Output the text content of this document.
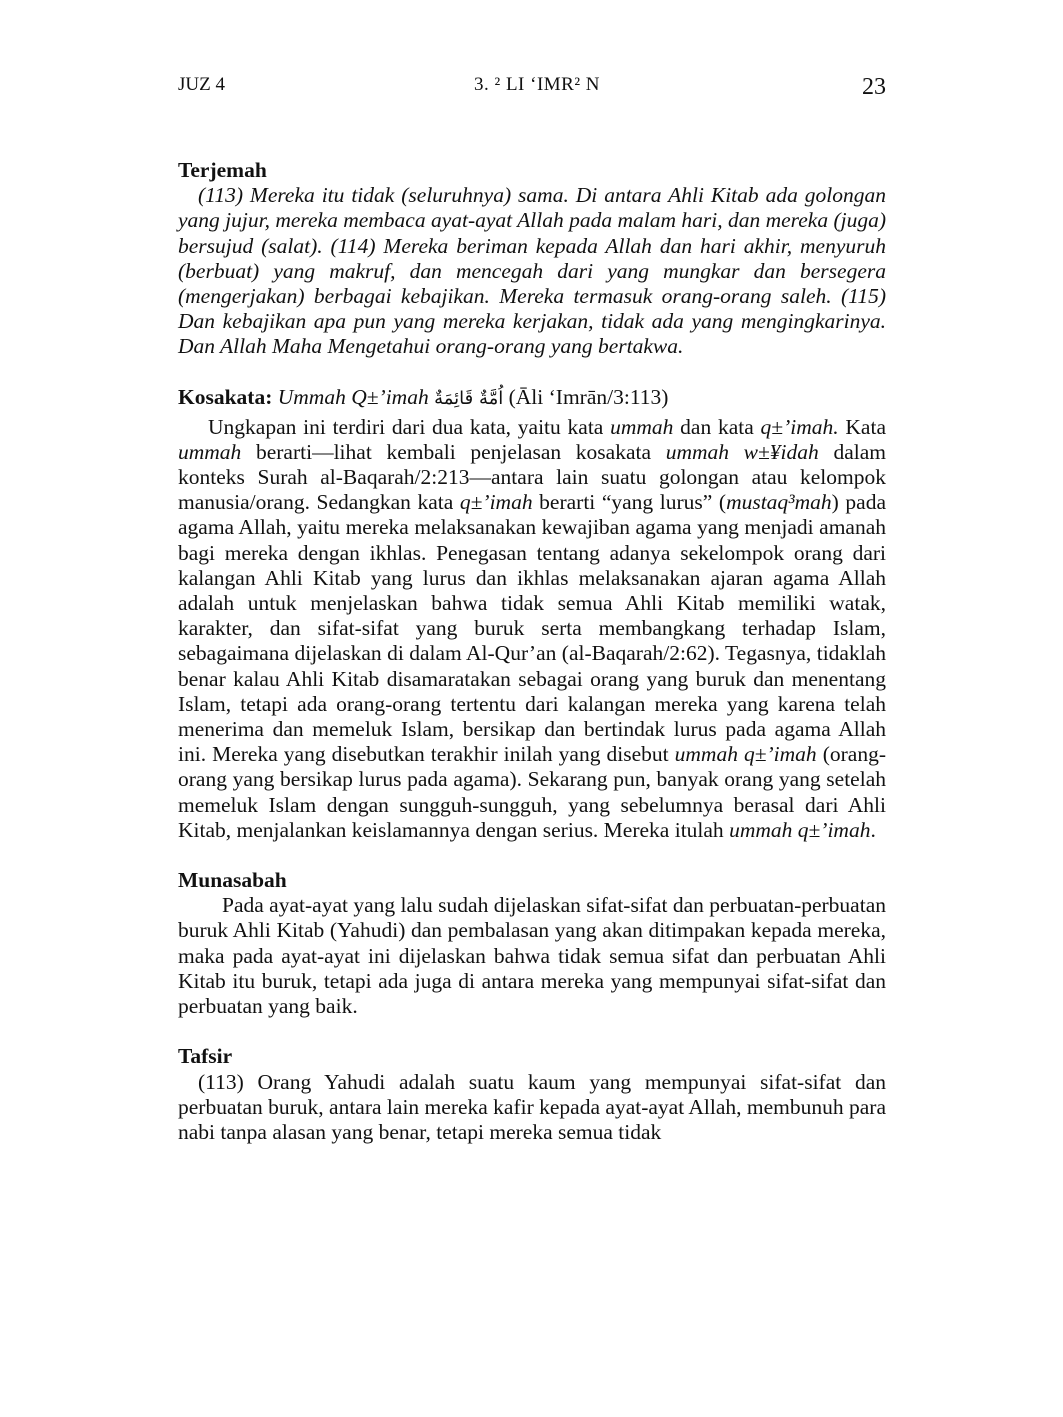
JUZ 4	3. ² LI ‘IMR² N	23
Terjemah

(113) Mereka itu tidak (seluruhnya) sama. Di antara Ahli Kitab ada golongan yang jujur, mereka membaca ayat-ayat Allah pada malam hari, dan mereka (juga) bersujud (salat). (114) Mereka beriman kepada Allah dan hari akhir, menyuruh (berbuat) yang makruf, dan mencegah dari yang mungkar dan bersegera (mengerjakan) berbagai kebajikan. Mereka termasuk orang-orang saleh. (115) Dan kebajikan apa pun yang mereka kerjakan, tidak ada yang mengingkarinya. Dan Allah Maha Mengetahui orang-orang yang bertakwa.

Kosakata: Ummah Q±’imah اُمَّةٌ قَائِمَةٌ (Āli ‘Imrān/3:113)

Ungkapan ini terdiri dari dua kata, yaitu kata ummah dan kata q±’imah. Kata ummah berarti—lihat kembali penjelasan kosakata ummah w±¥idah dalam konteks Surah al-Baqarah/2:213—antara lain suatu golongan atau kelompok manusia/orang. Sedangkan kata q±’imah berarti “yang lurus” (mustaq³mah) pada agama Allah, yaitu mereka melaksanakan kewajiban agama yang menjadi amanah bagi mereka dengan ikhlas. Penegasan tentang adanya sekelompok orang dari kalangan Ahli Kitab yang lurus dan ikhlas melaksanakan ajaran agama Allah adalah untuk menjelaskan bahwa tidak semua Ahli Kitab memiliki watak, karakter, dan sifat-sifat yang buruk serta membangkang terhadap Islam, sebagaimana dijelaskan di dalam Al-Qur’an (al-Baqarah/2:62). Tegasnya, tidaklah benar kalau Ahli Kitab disamaratakan sebagai orang yang buruk dan menentang Islam, tetapi ada orang-orang tertentu dari kalangan mereka yang karena telah menerima dan memeluk Islam, bersikap dan bertindak lurus pada agama Allah ini. Mereka yang disebutkan terakhir inilah yang disebut ummah q±’imah (orang-orang yang bersikap lurus pada agama). Sekarang pun, banyak orang yang setelah memeluk Islam dengan sungguh-sungguh, yang sebelumnya berasal dari Ahli Kitab, menjalankan keislamannya dengan serius. Mereka itulah ummah q±’imah.

Munasabah

Pada ayat-ayat yang lalu sudah dijelaskan sifat-sifat dan perbuatan-perbuatan buruk Ahli Kitab (Yahudi) dan pembalasan yang akan ditimpakan kepada mereka, maka pada ayat-ayat ini dijelaskan bahwa tidak semua sifat dan perbuatan Ahli Kitab itu buruk, tetapi ada juga di antara mereka yang mempunyai sifat-sifat dan perbuatan yang baik.

Tafsir

(113) Orang Yahudi adalah suatu kaum yang mempunyai sifat-sifat dan perbuatan buruk, antara lain mereka kafir kepada ayat-ayat Allah, membunuh para nabi tanpa alasan yang benar, tetapi mereka semua tidak
